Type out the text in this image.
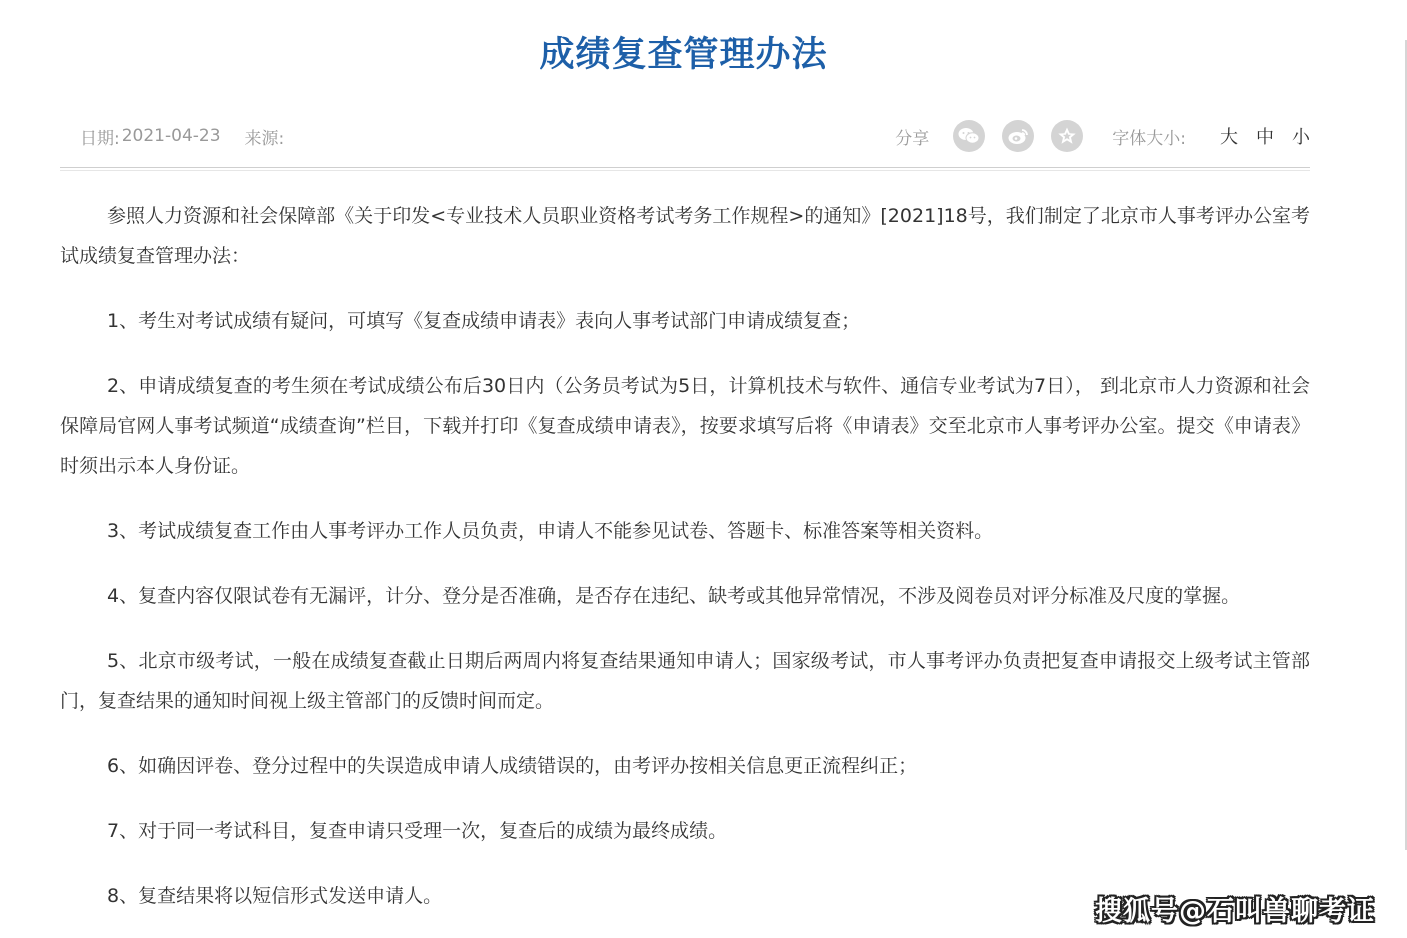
成绩复查管理办法
日期: 2021-04-23 来源:	分享	字体大小: 大 中 小

参照人力资源和社会保障部《关于印发<专业技术人员职业资格考试考务工作规程>的通知》[2021]18号，我们制定了北京市人事考评办公室考试成绩复查管理办法：

1、考生对考试成绩有疑问，可填写《复查成绩申请表》表向人事考试部门申请成绩复查；

2、申请成绩复查的考生须在考试成绩公布后30日内（公务员考试为5日，计算机技术与软件、通信专业考试为7日）， 到北京市人力资源和社会保障局官网人事考试频道“成绩查询”栏目，下载并打印《复查成绩申请表》，按要求填写后将《申请表》交至北京市人事考评办公室。提交《申请表》时须出示本人身份证。

3、考试成绩复查工作由人事考评办工作人员负责，申请人不能参见试卷、答题卡、标准答案等相关资料。

4、复查内容仅限试卷有无漏评，计分、登分是否准确，是否存在违纪、缺考或其他异常情况，不涉及阅卷员对评分标准及尺度的掌握。

5、北京市级考试，一般在成绩复查截止日期后两周内将复查结果通知申请人；国家级考试，市人事考评办负责把复查申请报交上级考试主管部门，复查结果的通知时间视上级主管部门的反馈时间而定。

6、如确因评卷、登分过程中的失误造成申请人成绩错误的，由考评办按相关信息更正流程纠正；

7、对于同一考试科目，复查申请只受理一次，复查后的成绩为最终成绩。

8、复查结果将以短信形式发送申请人。	搜狐号@石叫兽聊考证
